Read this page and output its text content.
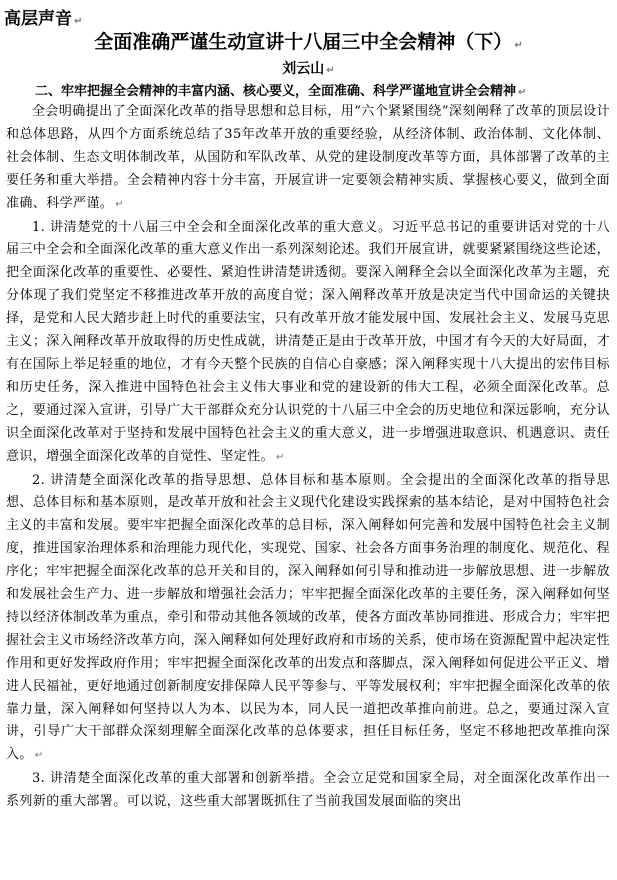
高层声音 ↵
全面准确严谨生动宣讲十八届三中全会精神（下） ↵
刘云山 ↵
二、牢牢把握全会精神的丰富内涵、核心要义，全面准确、科学严谨地宣讲全会精神 ↵

全会明确提出了全面深化改革的指导思想和总目标，用“六个紧紧围绕”深刻阐释了改革的顶层设计和总体思路，从四个方面系统总结了35年改革开放的重要经验，从经济体制、政治体制、文化体制、社会体制、生态文明体制改革，从国防和军队改革、从党的建设制度改革等方面，具体部署了改革的主要任务和重大举措。全会精神内容十分丰富，开展宣讲一定要领会精神实质、掌握核心要义，做到全面准确、科学严谨。 ↵

1. 讲清楚党的十八届三中全会和全面深化改革的重大意义。习近平总书记的重要讲话对党的十八届三中全会和全面深化改革的重大意义作出一系列深刻论述。我们开展宣讲，就要紧紧围绕这些论述，把全面深化改革的重要性、必要性、紧迫性讲清楚讲透彻。要深入阐释全会以全面深化改革为主题，充分体现了我们党坚定不移推进改革开放的高度自觉；深入阐释改革开放是决定当代中国命运的关键抉择，是党和人民大踏步赶上时代的重要法宝，只有改革开放才能发展中国、发展社会主义、发展马克思主义；深入阐释改革开放取得的历史性成就，讲清楚正是由于改革开放，中国才有今天的大好局面，才有在国际上举足轻重的地位，才有今天整个民族的自信心自豪感；深入阐释实现十八大提出的宏伟目标和历史任务，深入推进中国特色社会主义伟大事业和党的建设新的伟大工程，必须全面深化改革。总之，要通过深入宣讲，引导广大干部群众充分认识党的十八届三中全会的历史地位和深远影响，充分认识全面深化改革对于坚持和发展中国特色社会主义的重大意义，进一步增强进取意识、机遇意识、责任意识，增强全面深化改革的自觉性、坚定性。 ↵

2. 讲清楚全面深化改革的指导思想、总体目标和基本原则。全会提出的全面深化改革的指导思想、总体目标和基本原则，是改革开放和社会主义现代化建设实践探索的基本结论，是对中国特色社会主义的丰富和发展。要牢牢把握全面深化改革的总目标，深入阐释如何完善和发展中国特色社会主义制度，推进国家治理体系和治理能力现代化，实现党、国家、社会各方面事务治理的制度化、规范化、程序化；牢牢把握全面深化改革的总开关和目的，深入阐释如何引导和推动进一步解放思想、进一步解放和发展社会生产力、进一步解放和增强社会活力；牢牢把握全面深化改革的主要任务，深入阐释如何坚持以经济体制改革为重点，牵引和带动其他各领域的改革，使各方面改革协同推进、形成合力；牢牢把握社会主义市场经济改革方向，深入阐释如何处理好政府和市场的关系，使市场在资源配置中起决定性作用和更好发挥政府作用；牢牢把握全面深化改革的出发点和落脚点，深入阐释如何促进公平正义、增进人民福祉，更好地通过创新制度安排保障人民平等参与、平等发展权利；牢牢把握全面深化改革的依靠力量，深入阐释如何坚持以人为本、以民为本，同人民一道把改革推向前进。总之，要通过深入宣讲，引导广大干部群众深刻理解全面深化改革的总体要求，担任目标任务，坚定不移地把改革推向深入。 ↵

3. 讲清楚全面深化改革的重大部署和创新举措。全会立足党和国家全局，对全面深化改革作出一系列新的重大部署。可以说，这些重大部署既抓住了当前我国发展面临的突出
